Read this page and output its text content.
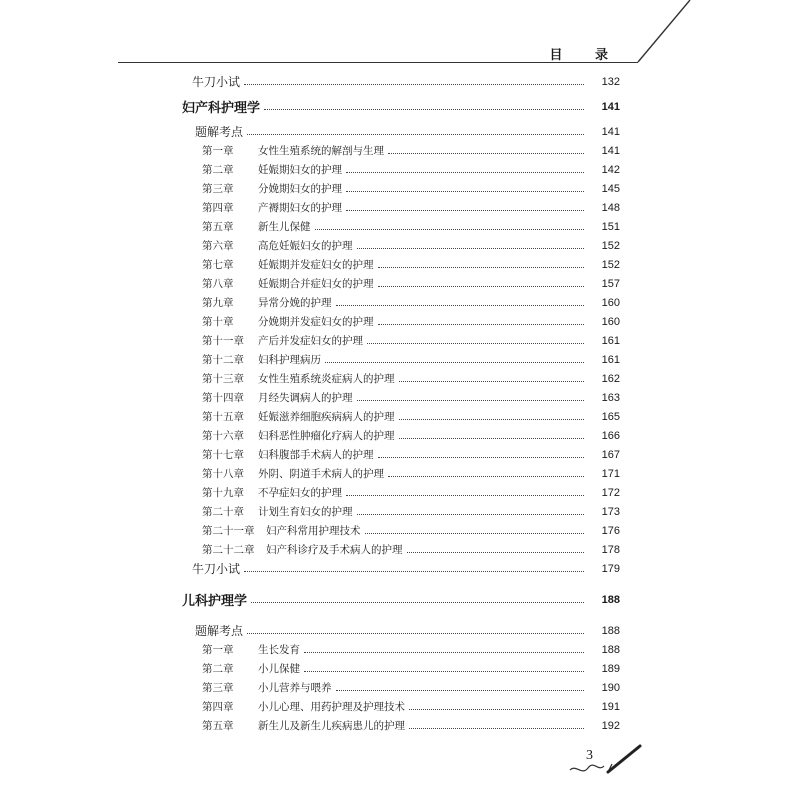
目 录
牛刀小试	132
妇产科护理学	141
题解考点	141
第一章	女性生殖系统的解剖与生理	141
第二章	妊娠期妇女的护理	142
第三章	分娩期妇女的护理	145
第四章	产褥期妇女的护理	148
第五章	新生儿保健	151
第六章	高危妊娠妇女的护理	152
第七章	妊娠期并发症妇女的护理	152
第八章	妊娠期合并症妇女的护理	157
第九章	异常分娩的护理	160
第十章	分娩期并发症妇女的护理	160
第十一章	产后并发症妇女的护理	161
第十二章	妇科护理病历	161
第十三章	女性生殖系统炎症病人的护理	162
第十四章	月经失调病人的护理	163
第十五章	妊娠滋养细胞疾病病人的护理	165
第十六章	妇科恶性肿瘤化疗病人的护理	166
第十七章	妇科腹部手术病人的护理	167
第十八章	外阴、阴道手术病人的护理	171
第十九章	不孕症妇女的护理	172
第二十章	计划生育妇女的护理	173
第二十一章	妇产科常用护理技术	176
第二十二章	妇产科诊疗及手术病人的护理	178
牛刀小试	179
儿科护理学	188
题解考点	188
第一章	生长发育	188
第二章	小儿保健	189
第三章	小儿营养与喂养	190
第四章	小儿心理、用药护理及护理技术	191
第五章	新生儿及新生儿疾病患儿的护理	192
3
